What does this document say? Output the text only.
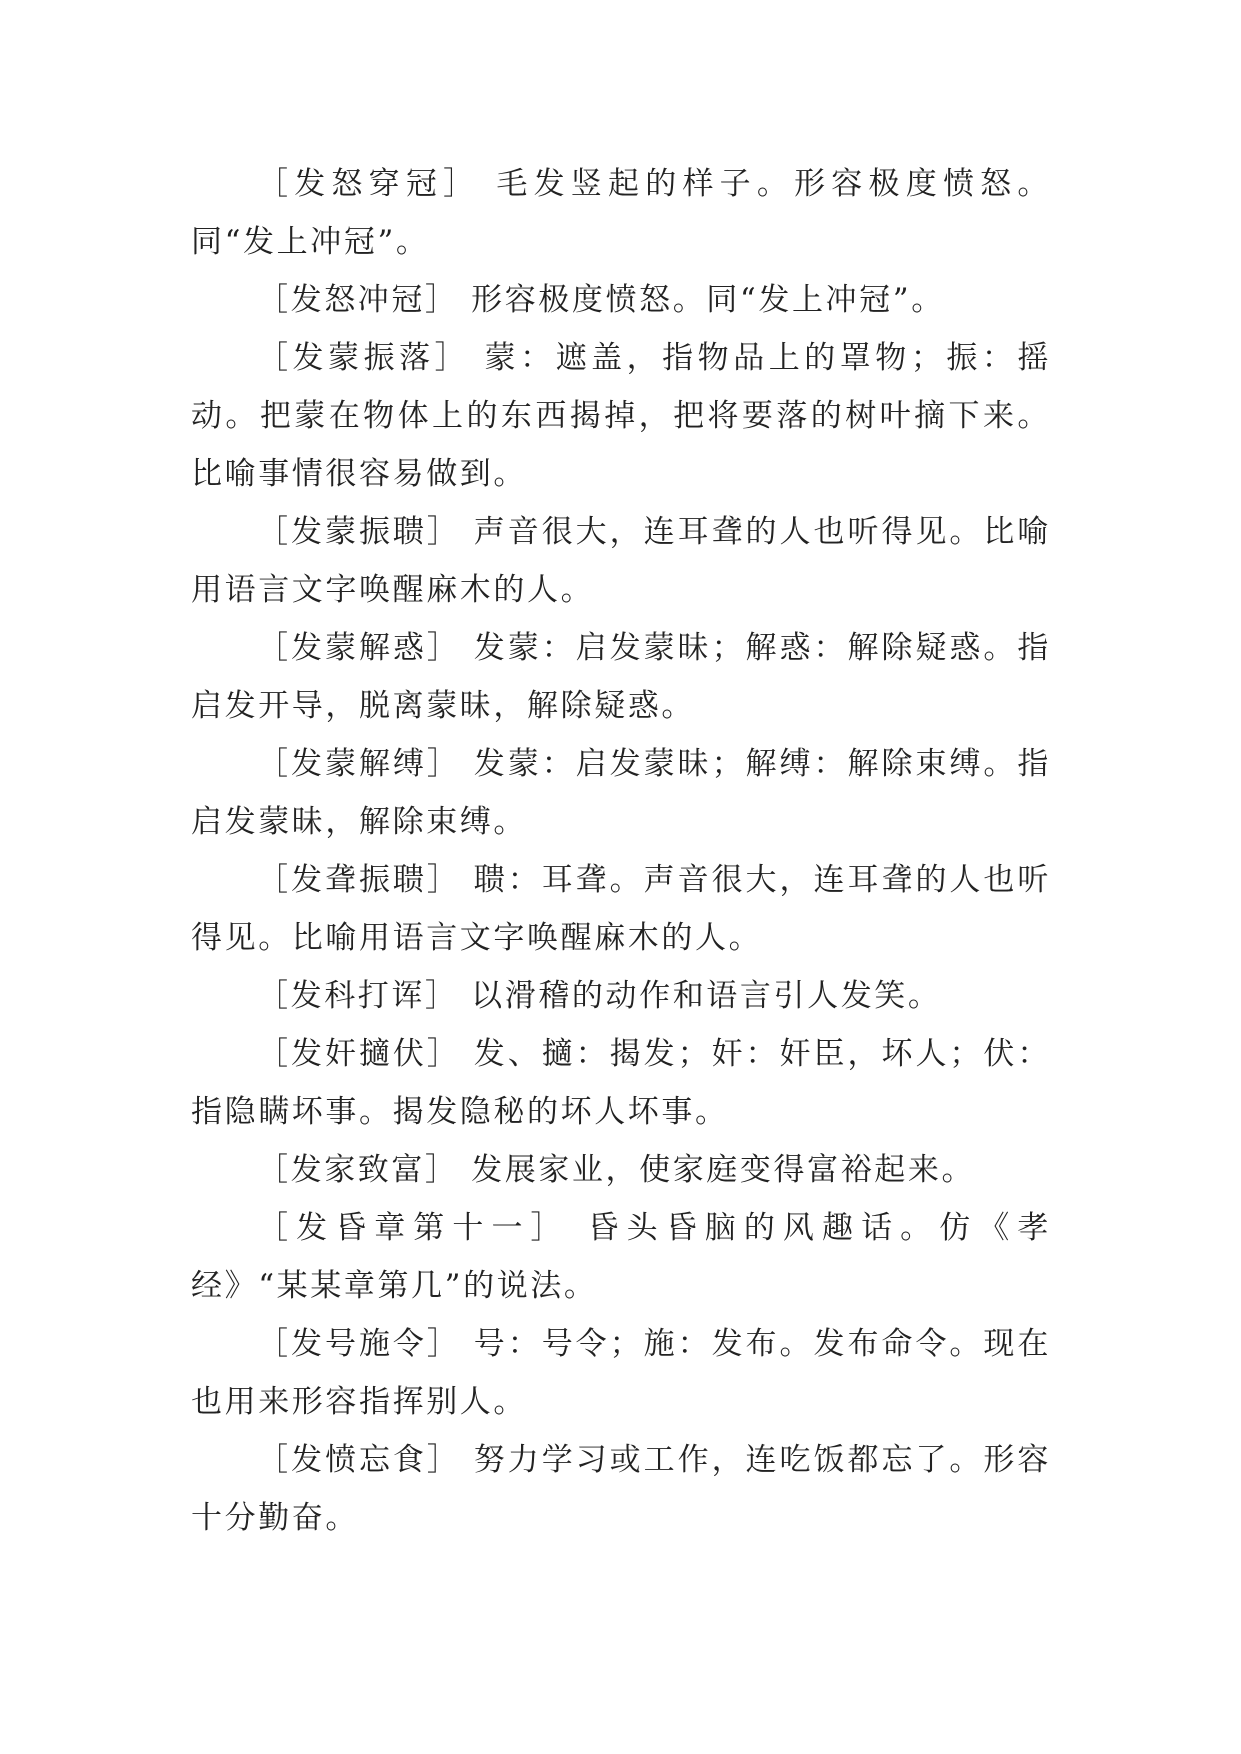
［ 发怒穿冠 ］ 毛发竖起的样子。形容极度愤怒。同“发上冲冠”。

［ 发怒冲冠 ］ 形容极度愤怒。同“发上冲冠”。

［ 发蒙振落 ］ 蒙：遮盖，指物品上的罩物；振：摇动。把蒙在物体上的东西揭掉，把将要落的树叶摘下来。比喻事情很容易做到。

［ 发蒙振聩 ］ 声音很大，连耳聋的人也听得见。比喻用语言文字唤醒麻木的人。

［ 发蒙解惑 ］ 发蒙：启发蒙昧；解惑：解除疑惑。指启发开导，脱离蒙昧，解除疑惑。

［ 发蒙解缚 ］ 发蒙：启发蒙昧；解缚：解除束缚。指启发蒙昧，解除束缚。

［ 发聋振聩 ］ 聩：耳聋。声音很大，连耳聋的人也听得见。比喻用语言文字唤醒麻木的人。

［ 发科打诨 ］ 以滑稽的动作和语言引人发笑。

［ 发奸擿伏 ］ 发、擿：揭发；奸：奸臣，坏人；伏：指隐瞒坏事。揭发隐秘的坏人坏事。

［ 发家致富 ］ 发展家业，使家庭变得富裕起来。

［ 发昏章第十一 ］ 昏头昏脑的风趣话。仿《孝经》“某某章第几”的说法。

［ 发号施令 ］ 号：号令；施：发布。发布命令。现在也用来形容指挥别人。

［ 发愤忘食 ］ 努力学习或工作，连吃饭都忘了。形容十分勤奋。
